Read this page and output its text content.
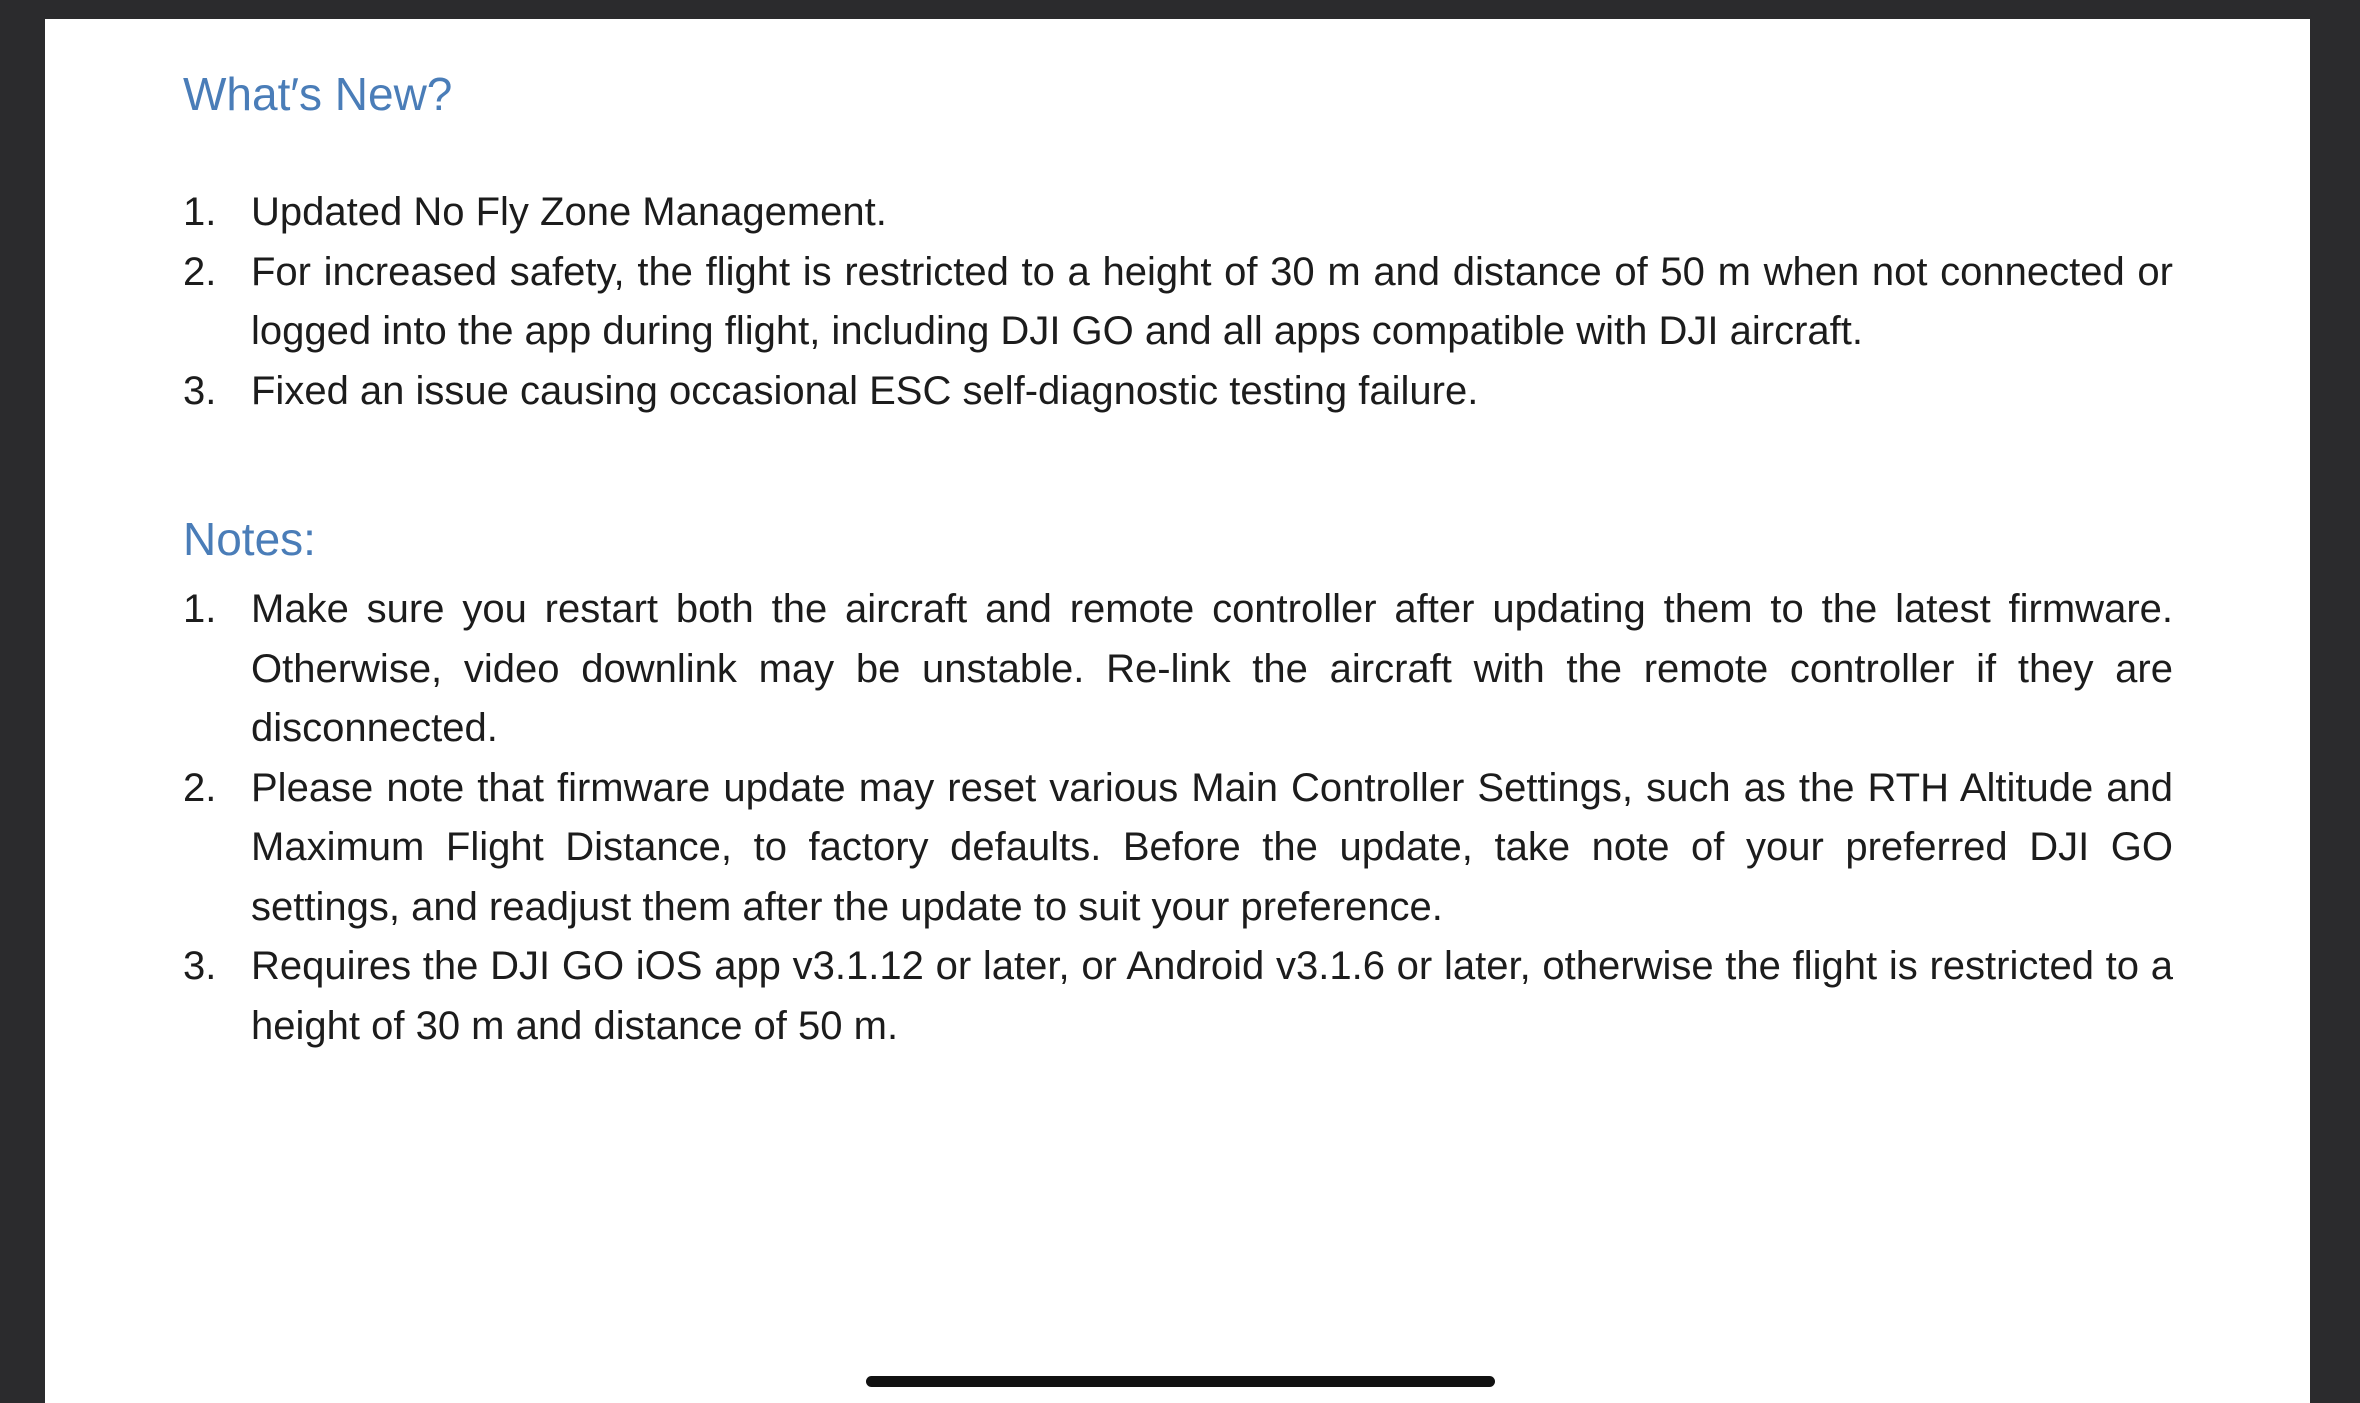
What′s New?
1. Updated No Fly Zone Management.
2. For increased safety, the flight is restricted to a height of 30 m and distance of 50 m when not connected or logged into the app during flight, including DJI GO and all apps compatible with DJI aircraft.
3. Fixed an issue causing occasional ESC self-diagnostic testing failure.
Notes:
1. Make sure you restart both the aircraft and remote controller after updating them to the latest firmware. Otherwise, video downlink may be unstable. Re-link the aircraft with the remote controller if they are disconnected.
2. Please note that firmware update may reset various Main Controller Settings, such as the RTH Altitude and Maximum Flight Distance, to factory defaults. Before the update, take note of your preferred DJI GO settings, and readjust them after the update to suit your preference.
3. Requires the DJI GO iOS app v3.1.12 or later, or Android v3.1.6 or later, otherwise the flight is restricted to a height of 30 m and distance of 50 m.
